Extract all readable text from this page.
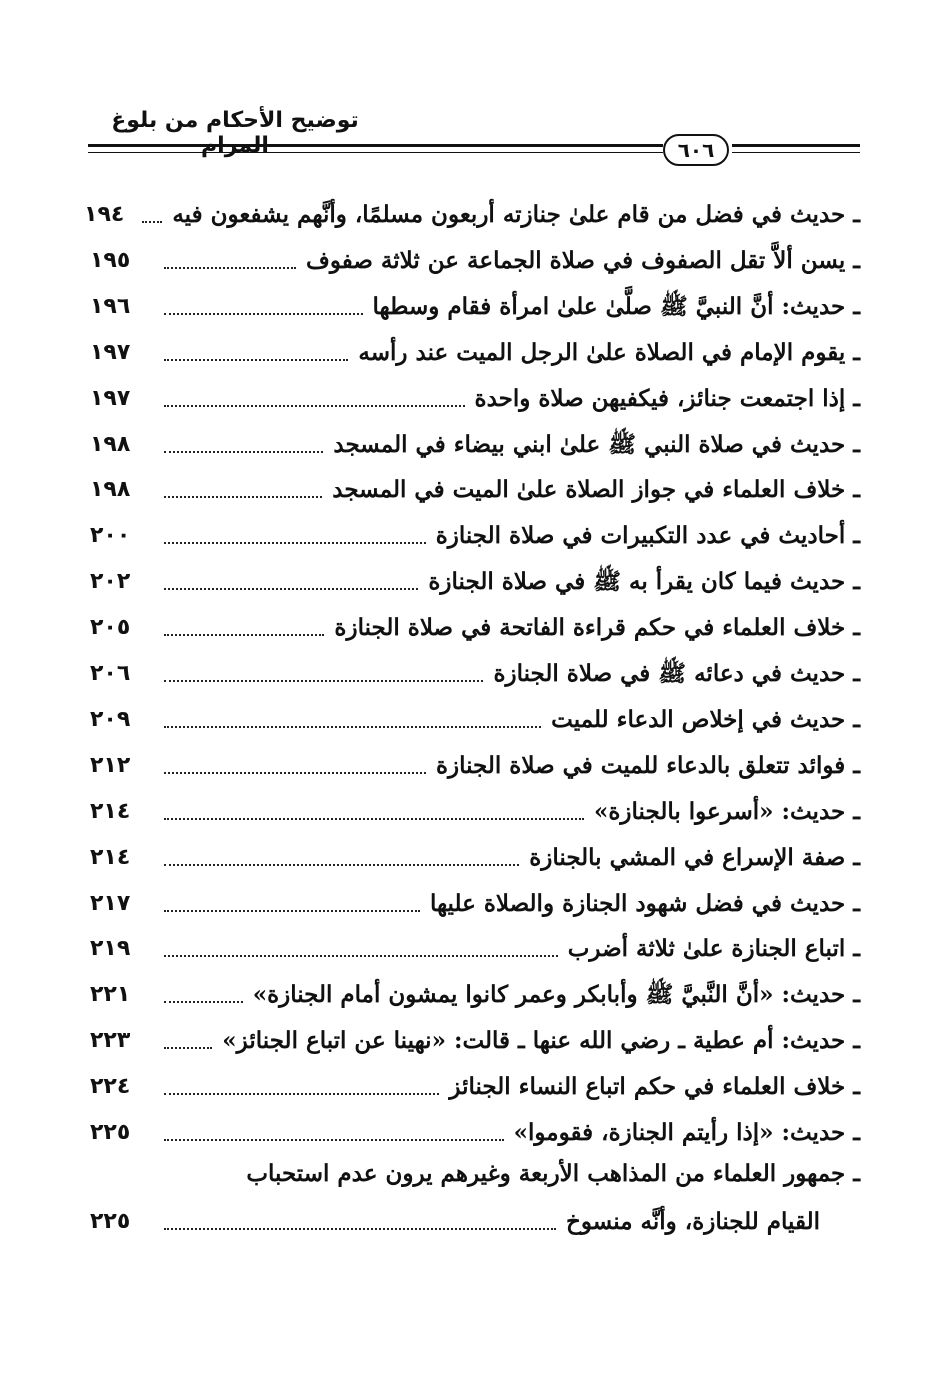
توضيح الأحكام من بلوغ المرام	٦٠٦
ـ حديث في فضل من قام علىٰ جنازته أربعون مسلمًا، وأنَّهم يشفعون فيه
١٩٤
ـ يسن ألاَّ تقل الصفوف في صلاة الجماعة عن ثلاثة صفوف
١٩٥
ـ حديث: أنَّ النبيَّ ﷺ صلَّىٰ علىٰ امرأة فقام وسطها
١٩٦
ـ يقوم الإمام في الصلاة علىٰ الرجل الميت عند رأسه
١٩٧
ـ إذا اجتمعت جنائز، فيكفيهن صلاة واحدة
١٩٧
ـ حديث في صلاة النبي ﷺ علىٰ ابني بيضاء في المسجد
١٩٨
ـ خلاف العلماء في جواز الصلاة علىٰ الميت في المسجد
١٩٨
ـ أحاديث في عدد التكبيرات في صلاة الجنازة
٢٠٠
ـ حديث فيما كان يقرأ به ﷺ في صلاة الجنازة
٢٠٢
ـ خلاف العلماء في حكم قراءة الفاتحة في صلاة الجنازة
٢٠٥
ـ حديث في دعائه ﷺ في صلاة الجنازة
٢٠٦
ـ حديث في إخلاص الدعاء للميت
٢٠٩
ـ فوائد تتعلق بالدعاء للميت في صلاة الجنازة
٢١٢
ـ حديث: «أسرعوا بالجنازة»
٢١٤
ـ صفة الإسراع في المشي بالجنازة
٢١٤
ـ حديث في فضل شهود الجنازة والصلاة عليها
٢١٧
ـ اتباع الجنازة علىٰ ثلاثة أضرب
٢١٩
ـ حديث: «أنَّ النَّبيَّ ﷺ وأبابكر وعمر كانوا يمشون أمام الجنازة»
٢٢١
ـ حديث: أم عطية ـ رضي الله عنها ـ قالت: «نهينا عن اتباع الجنائز»
٢٢٣
ـ خلاف العلماء في حكم اتباع النساء الجنائز
٢٢٤
ـ حديث: «إذا رأيتم الجنازة، فقوموا»
٢٢٥
ـ جمهور العلماء من المذاهب الأربعة وغيرهم يرون عدم استحباب
القيام للجنازة، وأنَّه منسوخ
٢٢٥
